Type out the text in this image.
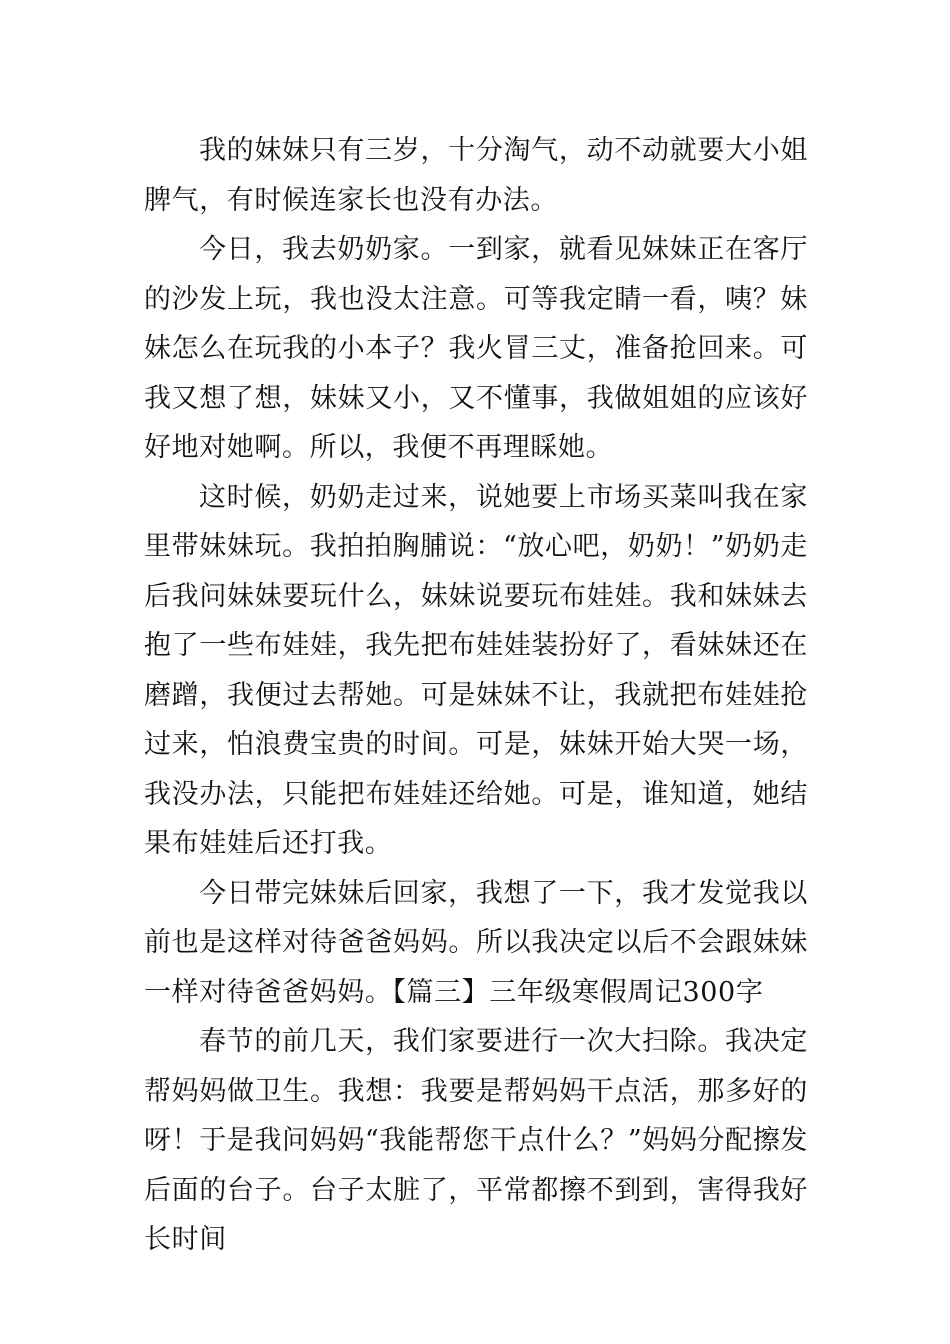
我的妹妹只有三岁，十分淘气，动不动就要大小姐脾气，有时候连家长也没有办法。

今日，我去奶奶家。一到家，就看见妹妹正在客厅的沙发上玩，我也没太注意。可等我定睛一看，咦？妹妹怎么在玩我的小本子？我火冒三丈，准备抢回来。可我又想了想，妹妹又小，又不懂事，我做姐姐的应该好好地对她啊。所以，我便不再理睬她。

这时候，奶奶走过来，说她要上市场买菜叫我在家里带妹妹玩。我拍拍胸脯说：“放心吧，奶奶！”奶奶走后我问妹妹要玩什么，妹妹说要玩布娃娃。我和妹妹去抱了一些布娃娃，我先把布娃娃装扮好了，看妹妹还在磨蹭，我便过去帮她。可是妹妹不让，我就把布娃娃抢过来，怕浪费宝贵的时间。可是，妹妹开始大哭一场，我没办法，只能把布娃娃还给她。可是，谁知道，她结果布娃娃后还打我。

今日带完妹妹后回家，我想了一下，我才发觉我以前也是这样对待爸爸妈妈。所以我决定以后不会跟妹妹一样对待爸爸妈妈。【篇三】三年级寒假周记300字

春节的前几天，我们家要进行一次大扫除。我决定帮妈妈做卫生。我想：我要是帮妈妈干点活，那多好的呀！于是我问妈妈“我能帮您干点什么？”妈妈分配擦发后面的台子。台子太脏了，平常都擦不到到，害得我好长时间
